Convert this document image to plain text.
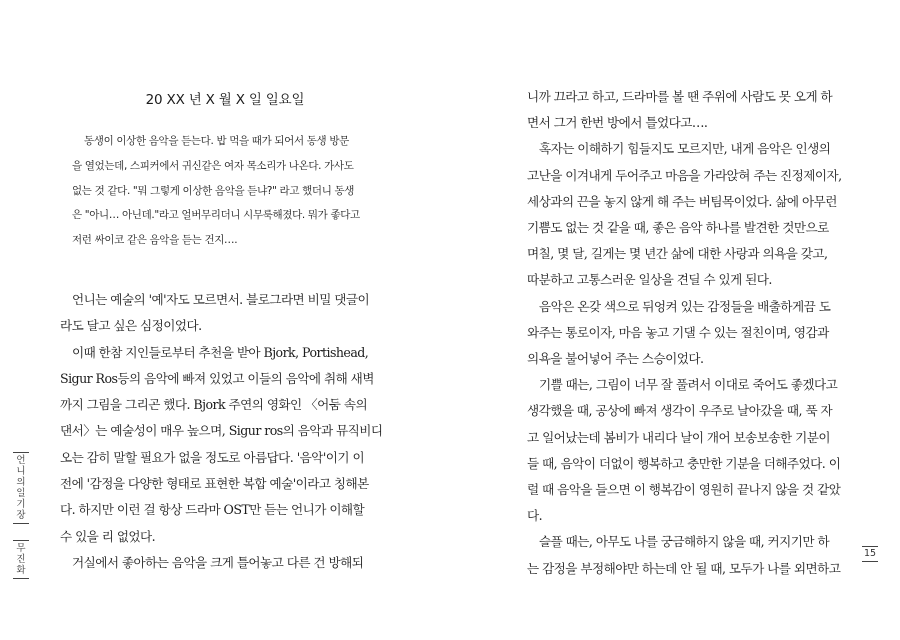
20 XX 년 X 월 X 일 일요일

동생이 이상한 음악을 듣는다. 밥 먹을 때가 되어서 동생 방문

을 열었는데, 스피커에서 귀신같은 여자 목소리가 나온다. 가사도

없는 것 같다. "뭐 그렇게 이상한 음악을 듣냐?" 라고 했더니 동생

은 "아니… 아닌데."라고 얼버무리더니 시무룩해졌다. 뭐가 좋다고

저런 싸이코 같은 음악을 듣는 건지….

언니는 예술의 '예'자도 모르면서. 블로그라면 비밀 댓글이
라도 달고 싶은 심정이었다.
이때 한참 지인들로부터 추천을 받아 Bjork, Portishead,
Sigur Ros등의 음악에 빠져 있었고 이들의 음악에 취해 새벽
까지 그림을 그리곤 했다. Bjork 주연의 영화인 〈어둠 속의
댄서〉는 예술성이 매우 높으며, Sigur ros의 음악과 뮤직비디
오는 감히 말할 필요가 없을 정도로 아름답다. '음악'이기 이
전에 '감정을 다양한 형태로 표현한 복합 예술'이라고 칭해본
다. 하지만 이런 걸 항상 드라마 OST만 듣는 언니가 이해할
수 있을 리 없었다.
거실에서 좋아하는 음악을 크게 틀어놓고 다른 건 방해되
언니의일기장
무진화
니까 끄라고 하고, 드라마를 볼 땐 주위에 사람도 못 오게 하
면서 그거 한번 방에서 틀었다고….
혹자는 이해하기 힘들지도 모르지만, 내게 음악은 인생의
고난을 이겨내게 두어주고 마음을 가라앉혀 주는 진정제이자,
세상과의 끈을 놓지 않게 해 주는 버팀목이었다. 삶에 아무런
기쁨도 없는 것 같을 때, 좋은 음악 하나를 발견한 것만으로
며칠, 몇 달, 길게는 몇 년간 삶에 대한 사랑과 의욕을 갖고,
따분하고 고통스러운 일상을 견딜 수 있게 된다.
음악은 온갖 색으로 뒤엉켜 있는 감정들을 배출하게끔 도
와주는 통로이자, 마음 놓고 기댈 수 있는 절친이며, 영감과
의욕을 불어넣어 주는 스승이었다.
기쁠 때는, 그림이 너무 잘 풀려서 이대로 죽어도 좋겠다고
생각했을 때, 공상에 빠져 생각이 우주로 날아갔을 때, 푹 자
고 일어났는데 봄비가 내리다 날이 개어 보송보송한 기분이
들 때, 음악이 더없이 행복하고 충만한 기분을 더해주었다. 이
럴 때 음악을 들으면 이 행복감이 영원히 끝나지 않을 것 같았
다.
슬플 때는, 아무도 나를 궁금해하지 않을 때, 커지기만 하
는 감정을 부정해야만 하는데 안 될 때, 모두가 나를 외면하고
15
